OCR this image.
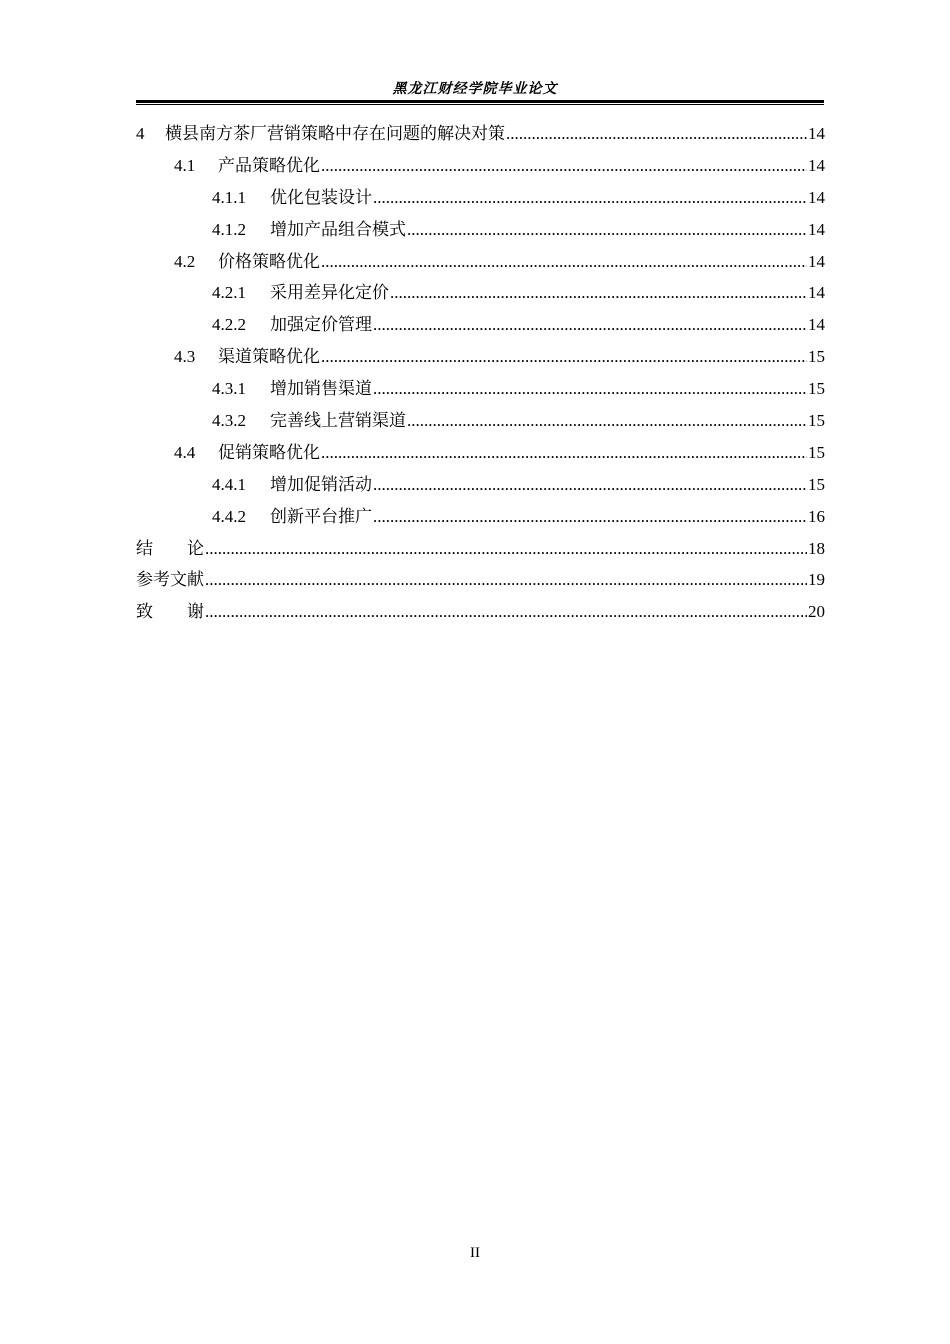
黑龙江财经学院毕业论文
4	横县南方茶厂营销策略中存在问题的解决对策 .....	14
4.1	产品策略优化 .....	14
4.1.1	优化包装设计 .....	14
4.1.2	增加产品组合模式 .....	14
4.2	价格策略优化 .....	14
4.2.1	采用差异化定价 .....	14
4.2.2	加强定价管理 .....	14
4.3	渠道策略优化 .....	15
4.3.1	增加销售渠道 .....	15
4.3.2	完善线上营销渠道 .....	15
4.4	促销策略优化 .....	15
4.4.1	增加促销活动 .....	15
4.4.2	创新平台推广 .....	16
结　　论 .....	18
参考文献 .....	19
致　　谢 .....	20
II
